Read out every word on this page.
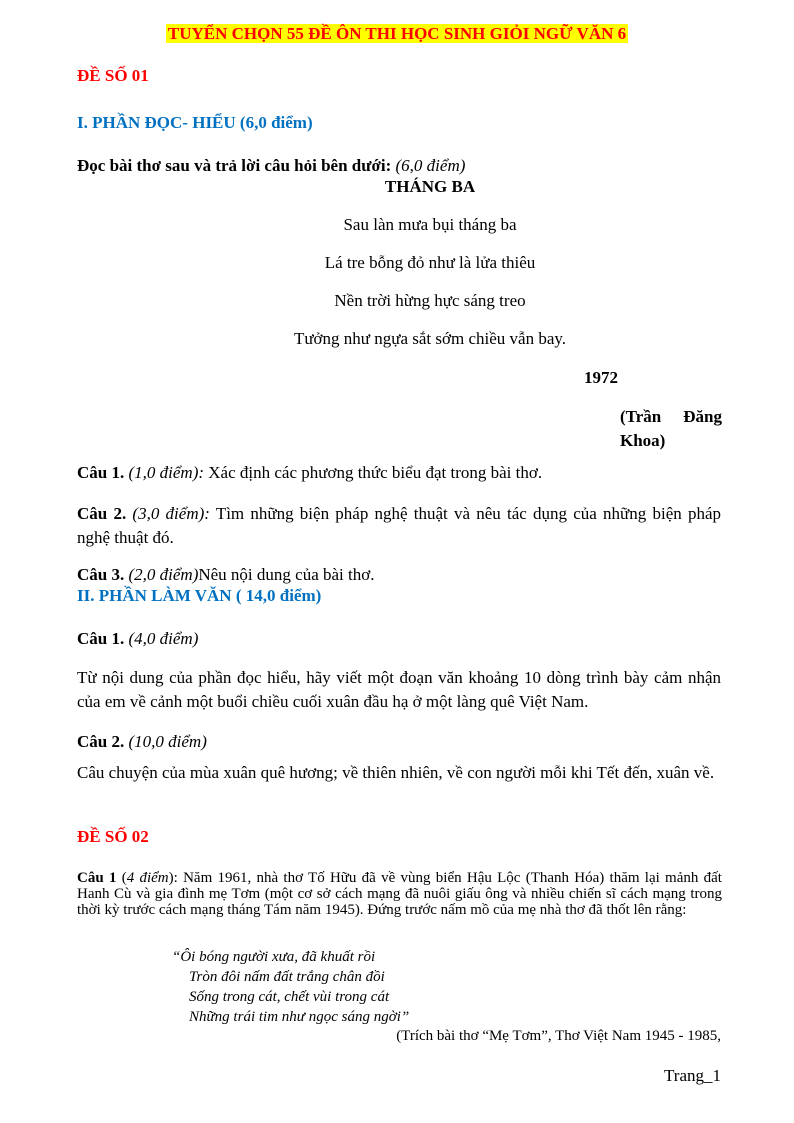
TUYỂN CHỌN 55 ĐỀ ÔN THI HỌC SINH GIỎI NGỮ VĂN 6
ĐỀ SỐ 01
I. PHẦN ĐỌC- HIỂU (6,0 điểm)
Đọc bài thơ sau và trả lời câu hỏi bên dưới: (6,0 điểm)
THÁNG BA
Sau làn mưa bụi tháng ba
Lá tre bỗng đỏ như là lửa thiêu
Nền trời hừng hực sáng treo
Tưởng như ngựa sắt sớm chiều vẫn bay.
1972
(Trần Đăng
Khoa)
Câu 1. (1,0 điểm): Xác định các phương thức biểu đạt trong bài thơ.
Câu 2. (3,0 điểm): Tìm những biện pháp nghệ thuật và nêu tác dụng của những biện pháp nghệ thuật đó.
Câu 3. (2,0 điểm)Nêu nội dung của bài thơ.
II. PHẦN LÀM VĂN ( 14,0 điểm)
Câu 1. (4,0 điểm)
Từ nội dung của phần đọc hiểu, hãy viết một đoạn văn khoảng 10 dòng trình bày cảm nhận của em về cảnh một buổi chiều cuối xuân đầu hạ ở một làng quê Việt Nam.
Câu 2. (10,0 điểm)
Câu chuyện của mùa xuân quê hương; về thiên nhiên, về con người mỗi khi Tết đến, xuân về.
ĐỀ SỐ 02
Câu 1 (4 điểm): Năm 1961, nhà thơ Tố Hữu đã về vùng biển Hậu Lộc (Thanh Hóa) thăm lại mảnh đất Hanh Cù và gia đình mẹ Tơm (một cơ sở cách mạng đã nuôi giấu ông và nhiều chiến sĩ cách mạng trong thời kỳ trước cách mạng tháng Tám năm 1945). Đứng trước nấm mồ của mẹ nhà thơ đã thốt lên rằng:
“Ôi bóng người xưa, đã khuất rồi
Tròn đôi nấm đất trắng chân đồi
Sống trong cát, chết vùi trong cát
Những trái tim như ngọc sáng ngời”
(Trích bài thơ “Mẹ Tơm”, Thơ Việt Nam 1945 - 1985,
Trang_1
